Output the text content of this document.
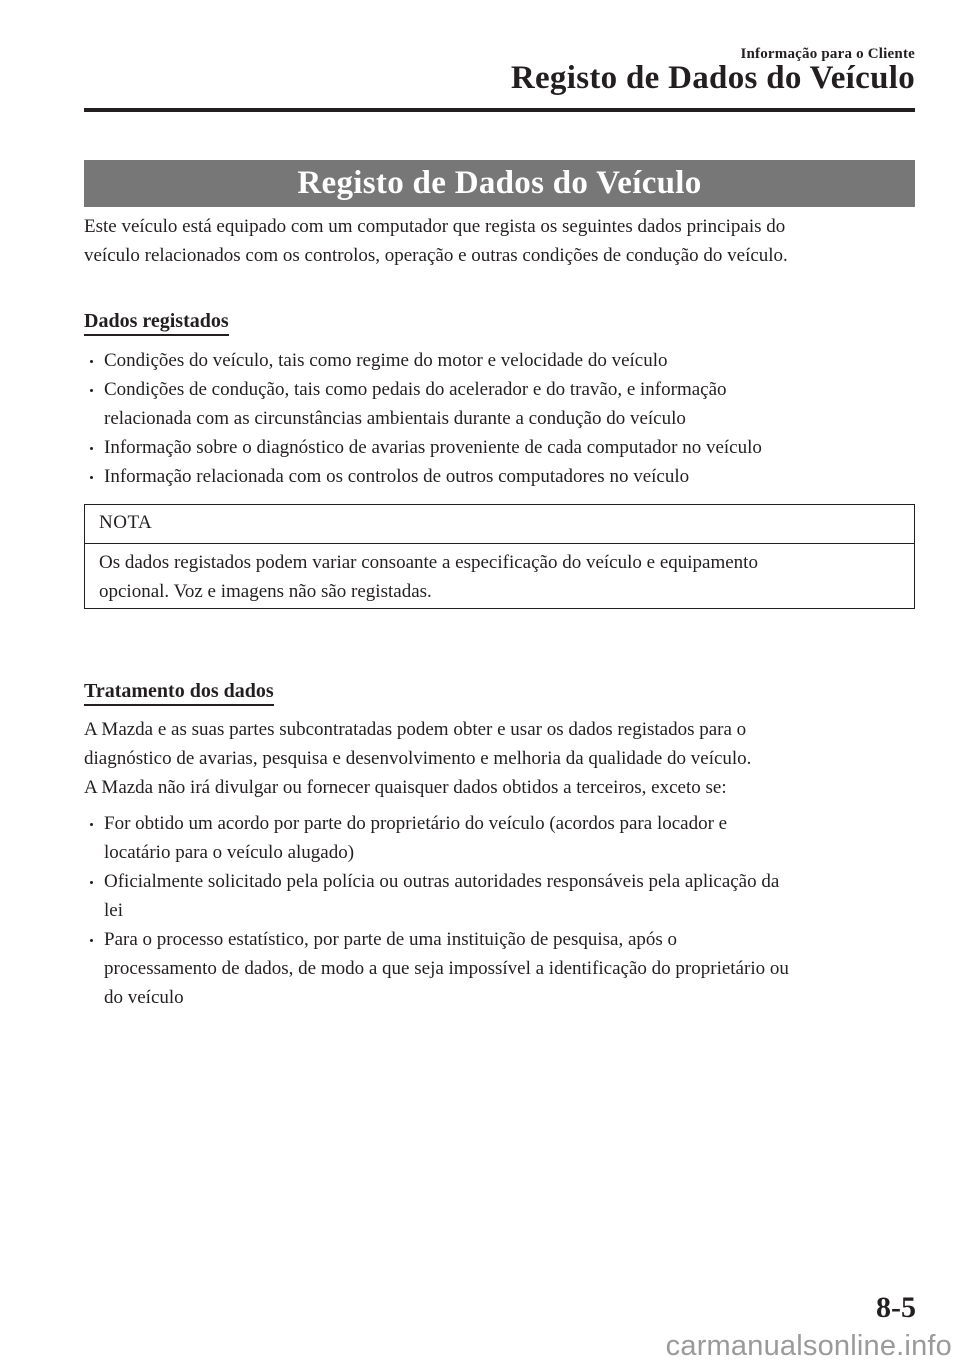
Informação para o Cliente
Registo de Dados do Veículo
Registo de Dados do Veículo
Este veículo está equipado com um computador que regista os seguintes dados principais do
veículo relacionados com os controlos, operação e outras condições de condução do veículo.
Dados registados
Condições do veículo, tais como regime do motor e velocidade do veículo
Condições de condução, tais como pedais do acelerador e do travão, e informação
relacionada com as circunstâncias ambientais durante a condução do veículo
Informação sobre o diagnóstico de avarias proveniente de cada computador no veículo
Informação relacionada com os controlos de outros computadores no veículo
NOTA
Os dados registados podem variar consoante a especificação do veículo e equipamento
opcional. Voz e imagens não são registadas.
Tratamento dos dados
A Mazda e as suas partes subcontratadas podem obter e usar os dados registados para o
diagnóstico de avarias, pesquisa e desenvolvimento e melhoria da qualidade do veículo.
A Mazda não irá divulgar ou fornecer quaisquer dados obtidos a terceiros, exceto se:
For obtido um acordo por parte do proprietário do veículo (acordos para locador e
locatário para o veículo alugado)
Oficialmente solicitado pela polícia ou outras autoridades responsáveis pela aplicação da
lei
Para o processo estatístico, por parte de uma instituição de pesquisa, após o
processamento de dados, de modo a que seja impossível a identificação do proprietário ou
do veículo
8-5
carmanualsonline.info
